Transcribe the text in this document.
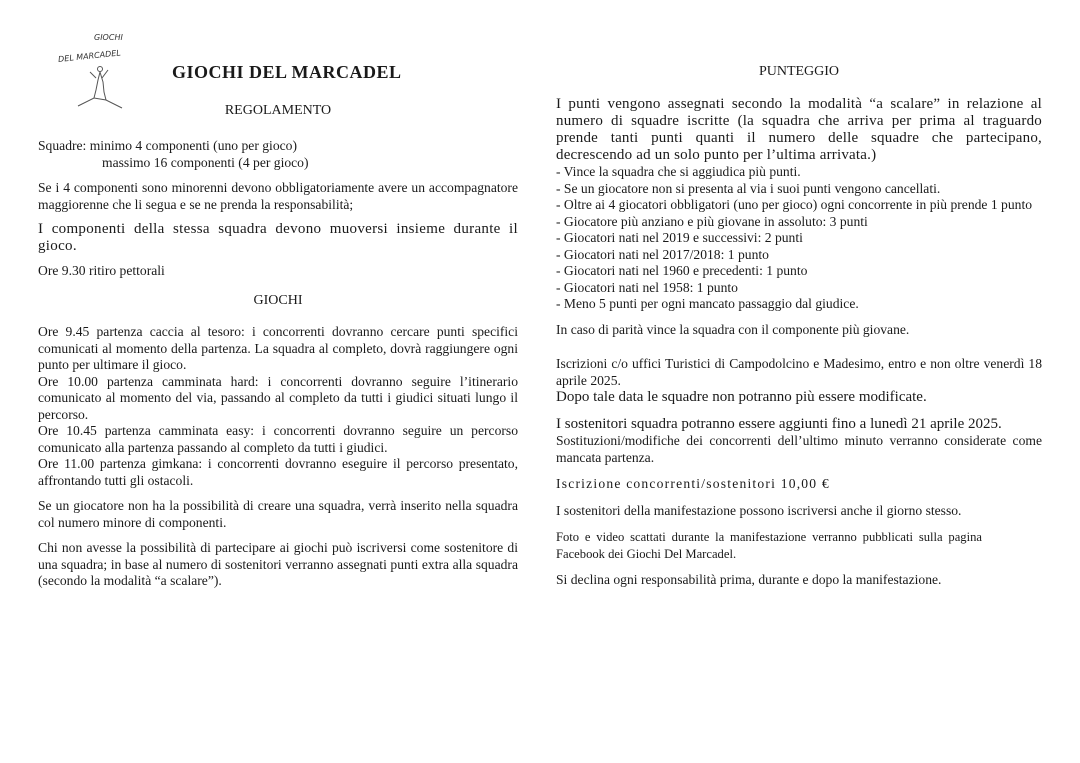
GIOCHI
DEL MARCADEL
GIOCHI DEL MARCADEL

REGOLAMENTO

Squadre: minimo 4 componenti (uno per gioco)

massimo 16 componenti (4 per gioco)

Se i 4 componenti sono minorenni devono obbligatoriamente avere un accompagnatore maggiorenne che li segua e se ne prenda la responsabilità;

I componenti della stessa squadra devono muoversi insieme durante il gioco.

Ore 9.30 ritiro pettorali

GIOCHI

Ore 9.45 partenza caccia al tesoro: i concorrenti dovranno cercare punti specifici comunicati al momento della partenza. La squadra al completo, dovrà raggiungere ogni punto per ultimare il gioco.

Ore 10.00 partenza camminata hard: i concorrenti dovranno seguire l’itinerario comunicato al momento del via, passando al completo da tutti i giudici situati lungo il percorso.

Ore 10.45 partenza camminata easy: i concorrenti dovranno seguire un percorso comunicato alla partenza passando al completo da tutti i giudici.

Ore 11.00 partenza gimkana: i concorrenti dovranno eseguire il percorso presentato, affrontando tutti gli ostacoli.

Se un giocatore non ha la possibilità di creare una squadra, verrà inserito nella squadra col numero minore di componenti.

Chi non avesse la possibilità di partecipare ai giochi può iscriversi come sostenitore di una squadra; in base al numero di sostenitori verranno assegnati punti extra alla squadra (secondo la modalità “a scalare”).

PUNTEGGIO

I punti vengono assegnati secondo la modalità “a scalare” in relazione al numero di squadre iscritte (la squadra che arriva per prima al traguardo prende tanti punti quanti il numero delle squadre che partecipano, decrescendo ad un solo punto per l’ultima arrivata.)

- Vince la squadra che si aggiudica più punti.

- Se un giocatore non si presenta al via i suoi punti vengono cancellati.

- Oltre ai 4 giocatori obbligatori (uno per gioco) ogni concorrente in più prende 1 punto

- Giocatore più anziano e più giovane in assoluto: 3 punti

- Giocatori nati nel 2019 e successivi: 2 punti

- Giocatori nati nel 2017/2018: 1 punto

- Giocatori nati nel 1960 e precedenti: 1 punto

- Giocatori nati nel 1958: 1 punto

- Meno 5 punti per ogni mancato passaggio dal giudice.

In caso di parità vince la squadra con il componente più giovane.

Iscrizioni c/o uffici Turistici di Campodolcino e Madesimo, entro e non oltre venerdì 18 aprile 2025.

Dopo tale data le squadre non potranno più essere modificate.

I sostenitori squadra potranno essere aggiunti fino a lunedì 21 aprile 2025.

Sostituzioni/modifiche dei concorrenti dell’ultimo minuto verranno considerate come mancata partenza.

Iscrizione concorrenti/sostenitori 10,00 €

I sostenitori della manifestazione possono iscriversi anche il giorno stesso.

Foto e video scattati durante la manifestazione verranno pubblicati sulla pagina Facebook dei Giochi Del Marcadel.

Si declina ogni responsabilità prima, durante e dopo la manifestazione.
